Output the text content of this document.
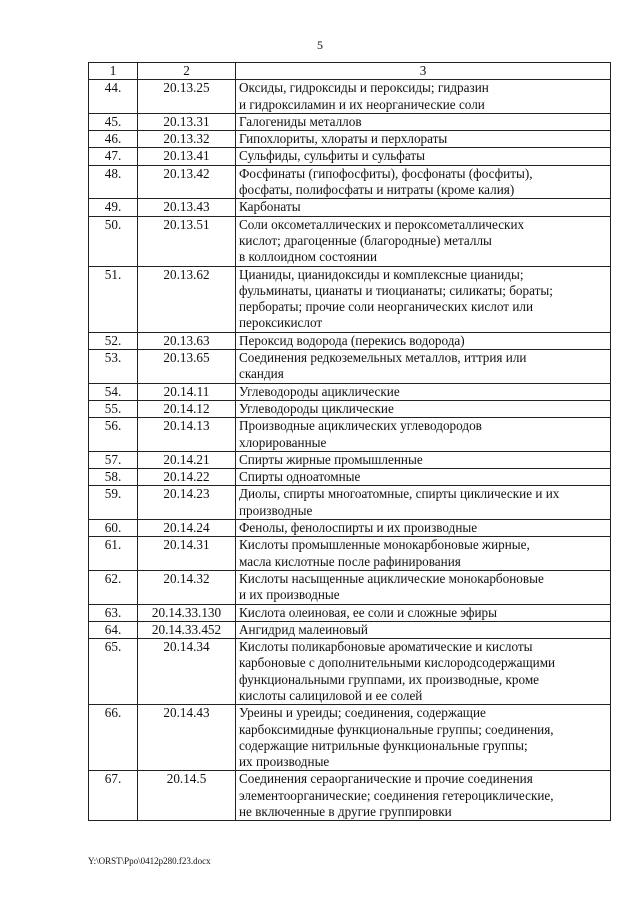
5
1	2	3
44.	20.13.25	Оксиды, гидроксиды и пероксиды; гидразин
и гидроксиламин и их неорганические соли
45.	20.13.31	Галогениды металлов
46.	20.13.32	Гипохлориты, хлораты и перхлораты
47.	20.13.41	Сульфиды, сульфиты и сульфаты
48.	20.13.42	Фосфинаты (гипофосфиты), фосфонаты (фосфиты),
фосфаты, полифосфаты и нитраты (кроме калия)
49.	20.13.43	Карбонаты
50.	20.13.51	Соли оксометаллических и пероксометаллических
кислот; драгоценные (благородные) металлы
в коллоидном состоянии
51.	20.13.62	Цианиды, цианидоксиды и комплексные цианиды;
фульминаты, цианаты и тиоцианаты; силикаты; бораты;
пербораты; прочие соли неорганических кислот или
пероксикислот
52.	20.13.63	Пероксид водорода (перекись водорода)
53.	20.13.65	Соединения редкоземельных металлов, иттрия или
скандия
54.	20.14.11	Углеводороды ациклические
55.	20.14.12	Углеводороды циклические
56.	20.14.13	Производные ациклических углеводородов
хлорированные
57.	20.14.21	Спирты жирные промышленные
58.	20.14.22	Спирты одноатомные
59.	20.14.23	Диолы, спирты многоатомные, спирты циклические и их
производные
60.	20.14.24	Фенолы, фенолоспирты и их производные
61.	20.14.31	Кислоты промышленные монокарбоновые жирные,
масла кислотные после рафинирования
62.	20.14.32	Кислоты насыщенные ациклические монокарбоновые
и их производные
63.	20.14.33.130	Кислота олеиновая, ее соли и сложные эфиры
64.	20.14.33.452	Ангидрид малеиновый
65.	20.14.34	Кислоты поликарбоновые ароматические и кислоты
карбоновые с дополнительными кислородсодержащими
функциональными группами, их производные, кроме
кислоты салициловой и ее солей
66.	20.14.43	Уреины и уреиды; соединения, содержащие
карбоксимидные функциональные группы; соединения,
содержащие нитрильные функциональные группы;
их производные
67.	20.14.5	Соединения сераорганические и прочие соединения
элементоорганические; соединения гетероциклические,
не включенные в другие группировки
Y:\ORST\Ppo\0412p280.f23.docx
